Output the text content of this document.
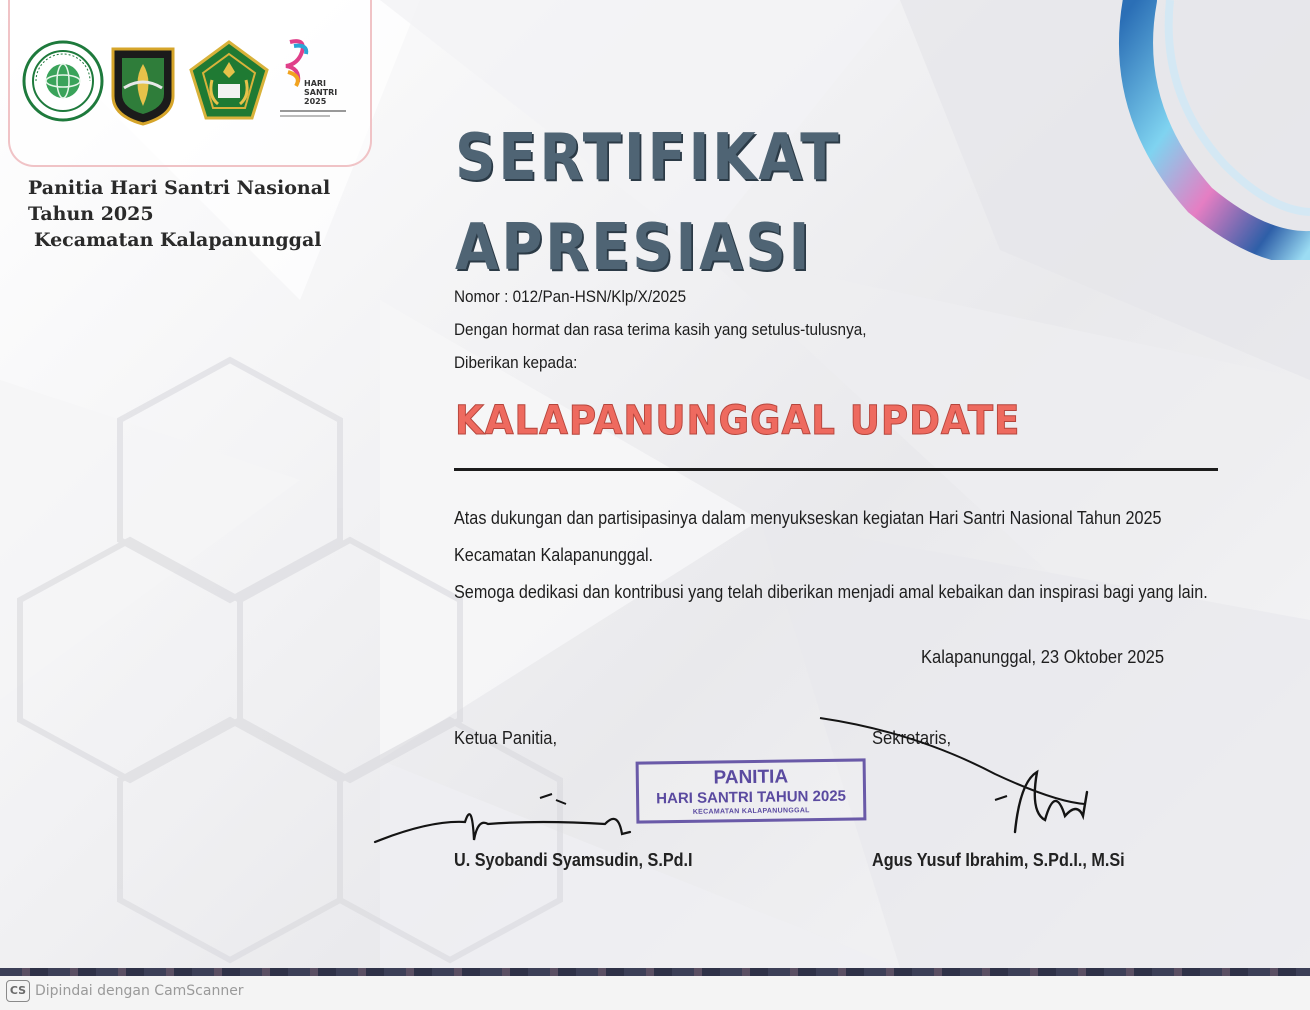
HARI
SANTRI
2025

Panitia Hari Santri Nasional
Tahun 2025
Kecamatan Kalapanunggal

SERTIFIKAT
APRESIASI

Nomor : 012/Pan-HSN/Klp/X/2025

Dengan hormat dan rasa terima kasih yang setulus-tulusnya,

Diberikan kepada:

KALAPANUNGGAL UPDATE

Atas dukungan dan partisipasinya dalam menyukseskan kegiatan Hari Santri Nasional Tahun 2025 Kecamatan Kalapanunggal.

Semoga dedikasi dan kontribusi yang telah diberikan menjadi amal kebaikan dan inspirasi bagi yang lain.

Kalapanunggal, 23 Oktober 2025
Ketua Panitia,	Sekretaris,
PANITIA
HARI SANTRI TAHUN 2025
KECAMATAN KALAPANUNGGAL
U. Syobandi Syamsudin, S.Pd.I	Agus Yusuf Ibrahim, S.Pd.I., M.Si
CS Dipindai dengan CamScanner
